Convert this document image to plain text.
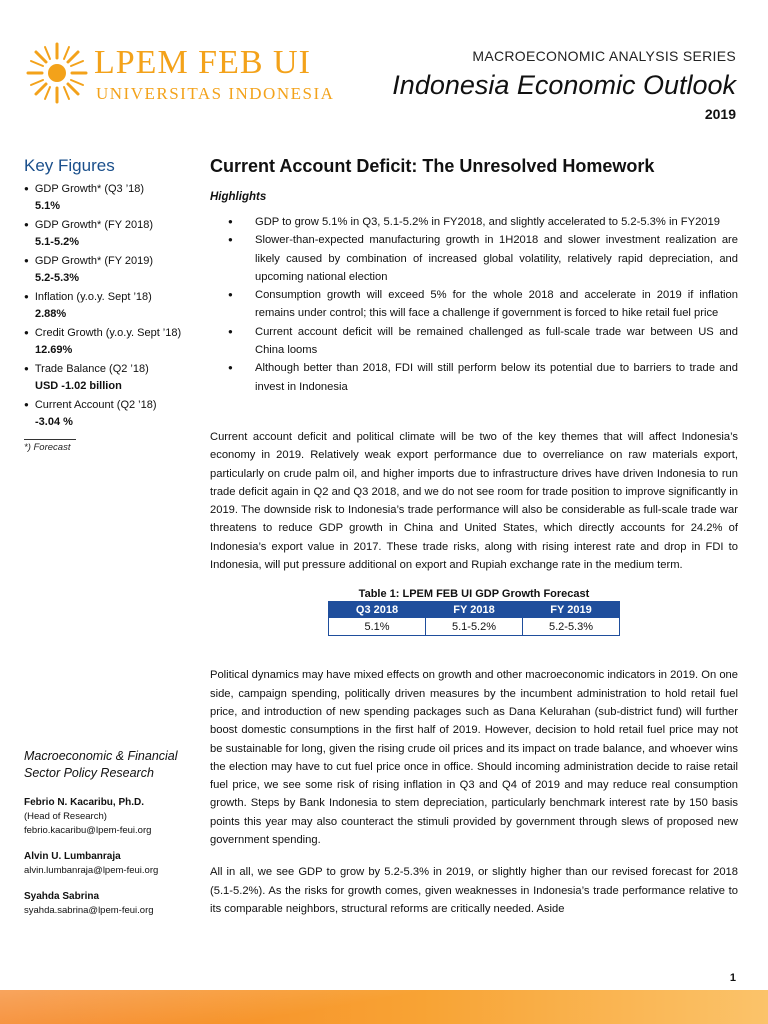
LPEM FEB UI
UNIVERSITAS INDONESIA
MACROECONOMIC ANALYSIS SERIES
Indonesia Economic Outlook
2019
Key Figures
● GDP Growth* (Q3 ’18)
5.1%
● GDP Growth* (FY 2018)
5.1-5.2%
● GDP Growth* (FY 2019)
5.2-5.3%
● Inflation (y.o.y. Sept ’18)
2.88%
● Credit Growth (y.o.y. Sept ’18)
12.69%
● Trade Balance (Q2 ’18)
USD -1.02 billion
● Current Account (Q2 ’18)
-3.04 %
*) Forecast
Macroeconomic & Financial Sector Policy Research
Febrio N. Kacaribu, Ph.D.
(Head of Research)
febrio.kacaribu@lpem-feui.org
Alvin U. Lumbanraja
alvin.lumbanraja@lpem-feui.org
Syahda Sabrina
syahda.sabrina@lpem-feui.org
Current Account Deficit: The Unresolved Homework
Highlights
● GDP to grow 5.1% in Q3, 5.1-5.2% in FY2018, and slightly accelerated to 5.2-5.3% in FY2019
● Slower-than-expected manufacturing growth in 1H2018 and slower investment realization are likely caused by combination of increased global volatility, relatively rapid depreciation, and upcoming national election
● Consumption growth will exceed 5% for the whole 2018 and accelerate in 2019 if inflation remains under control; this will face a challenge if government is forced to hike retail fuel price
● Current account deficit will be remained challenged as full-scale trade war between US and China looms
● Although better than 2018, FDI will still perform below its potential due to barriers to trade and invest in Indonesia

Current account deficit and political climate will be two of the key themes that will affect Indonesia’s economy in 2019. Relatively weak export performance due to overreliance on raw materials export, particularly on crude palm oil, and higher imports due to infrastructure drives have driven Indonesia to run trade deficit again in Q2 and Q3 2018, and we do not see room for trade position to improve significantly in 2019. The downside risk to Indonesia’s trade performance will also be considerable as full-scale trade war threatens to reduce GDP growth in China and United States, which directly accounts for 24.2% of Indonesia’s export value in 2017. These trade risks, along with rising interest rate and drop in FDI to Indonesia, will put pressure additional on export and Rupiah exchange rate in the medium term.

Table 1: LPEM FEB UI GDP Growth Forecast
Q3 2018	FY 2018	FY 2019
5.1%	5.1-5.2%	5.2-5.3%

Political dynamics may have mixed effects on growth and other macroeconomic indicators in 2019. On one side, campaign spending, politically driven measures by the incumbent administration to hold retail fuel price, and introduction of new spending packages such as Dana Kelurahan (sub-district fund) will further boost domestic consumptions in the first half of 2019. However, decision to hold retail fuel price may not be sustainable for long, given the rising crude oil prices and its impact on trade balance, and whoever wins the election may have to cut fuel price once in office. Should incoming administration decide to raise retail fuel price, we see some risk of rising inflation in Q3 and Q4 of 2019 and may reduce real consumption growth. Steps by Bank Indonesia to stem depreciation, particularly benchmark interest rate by 150 basis points this year may also counteract the stimuli provided by government through slews of proposed new government spending.

All in all, we see GDP to grow by 5.2-5.3% in 2019, or slightly higher than our revised forecast for 2018 (5.1-5.2%). As the risks for growth comes, given weaknesses in Indonesia’s trade performance relative to its comparable neighbors, structural reforms are critically needed. Aside

1
